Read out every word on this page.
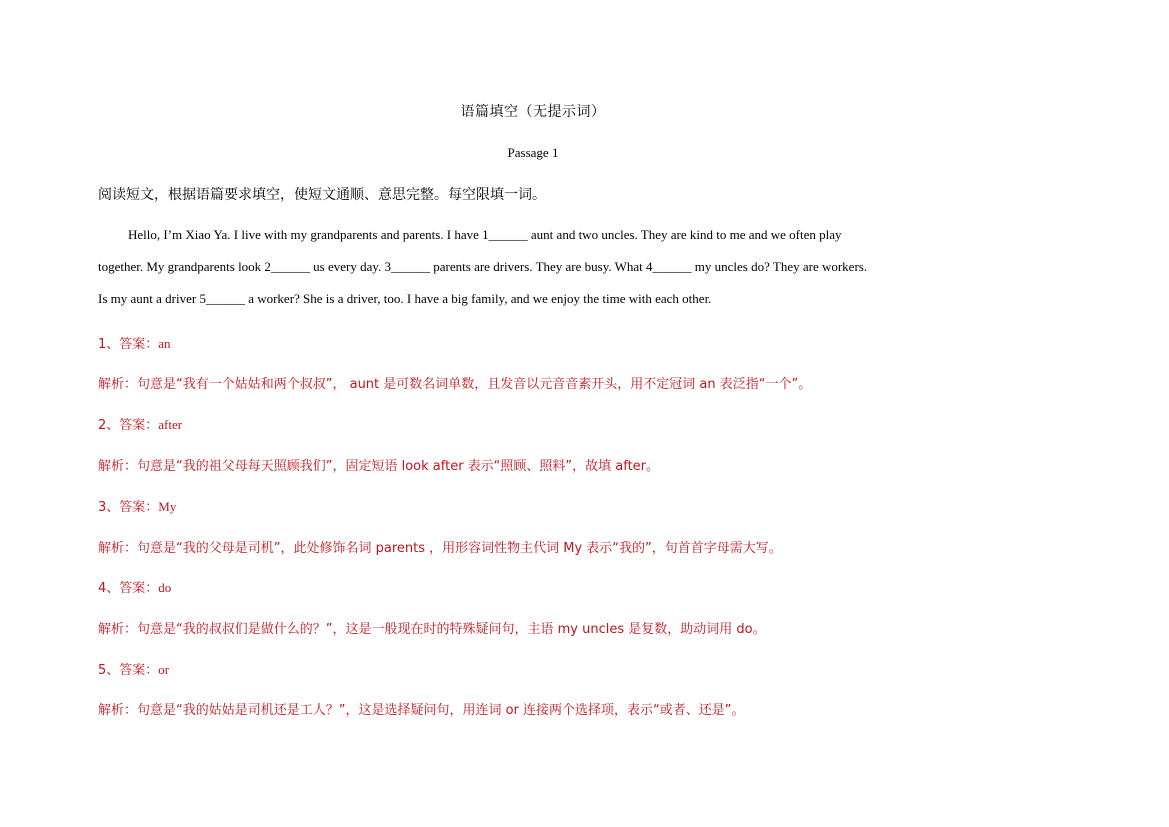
语篇填空（无提示词）
Passage 1
阅读短文，根据语篇要求填空，使短文通顺、意思完整。每空限填一词。
Hello, I’m Xiao Ya. I live with my grandparents and parents. I have 1______ aunt and two uncles. They are kind to me and we often play
together. My grandparents look 2______ us every day. 3______ parents are drivers. They are busy. What 4______ my uncles do? They are workers.
Is my aunt a driver 5______ a worker? She is a driver, too. I have a big family, and we enjoy the time with each other.
1、答案：an
解析：句意是“我有一个姑姑和两个叔叔”， aunt 是可数名词单数，且发音以元音音素开头，用不定冠词 an 表泛指“一个”。
2、答案：after
解析：句意是“我的祖父母每天照顾我们”，固定短语 look after 表示“照顾、照料”，故填 after。
3、答案：My
解析：句意是“我的父母是司机”，此处修饰名词 parents ，用形容词性物主代词 My 表示“我的”，句首首字母需大写。
4、答案：do
解析：句意是“我的叔叔们是做什么的？”，这是一般现在时的特殊疑问句，主语 my uncles 是复数，助动词用 do。
5、答案：or
解析：句意是“我的姑姑是司机还是工人？”，这是选择疑问句，用连词 or 连接两个选择项，表示“或者、还是”。
